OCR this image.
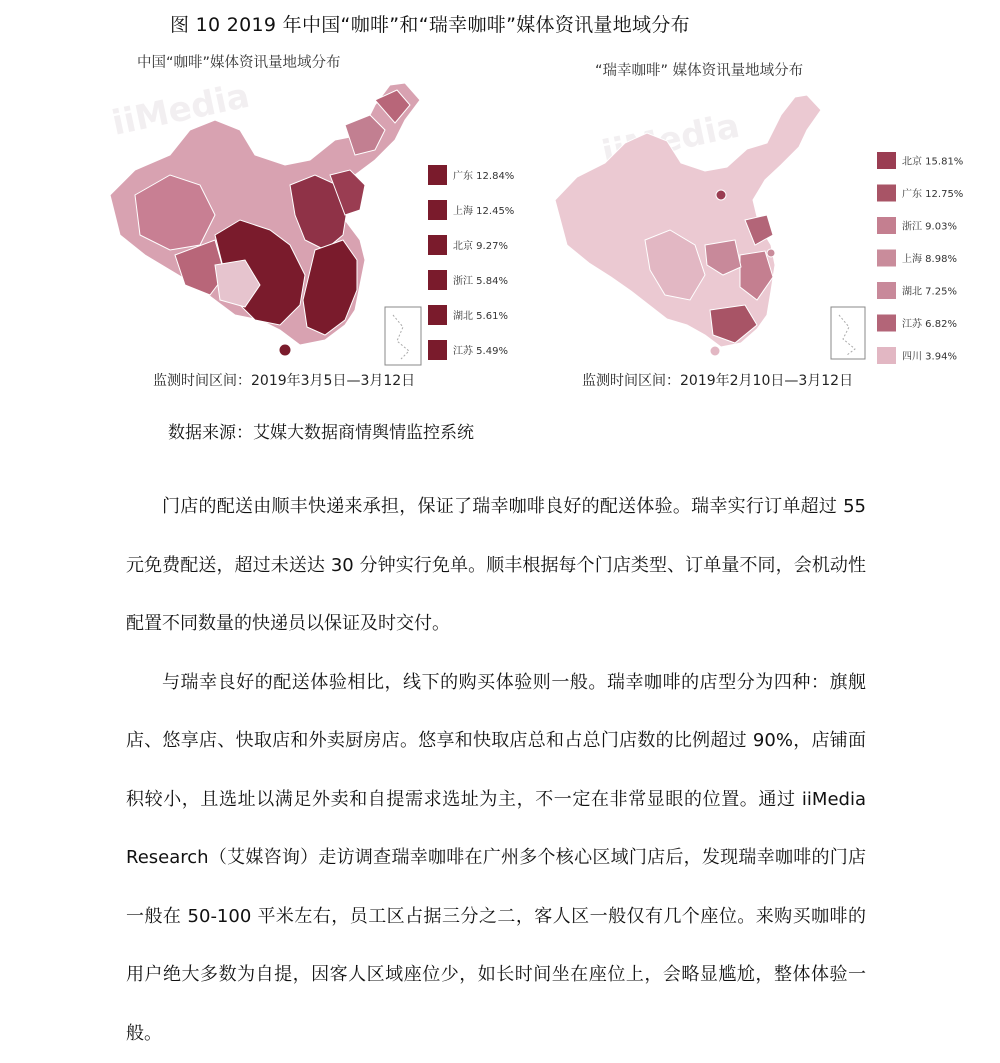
图 10 2019 年中国“咖啡”和“瑞幸咖啡”媒体资讯量地域分布
iiMedia
中国“咖啡”媒体资讯量地域分布
广东 12.84%
上海 12.45%
北京 9.27%
浙江 5.84%
湖北 5.61%
江苏 5.49%
监测时间区间：2019年3月5日—3月12日
iiMedia
“瑞幸咖啡” 媒体资讯量地域分布
北京 15.81%
广东 12.75%
浙江 9.03%
上海 8.98%
湖北 7.25%
江苏 6.82%
四川 3.94%
监测时间区间：2019年2月10日—3月12日
数据来源：艾媒大数据商情舆情监控系统

门店的配送由顺丰快递来承担，保证了瑞幸咖啡良好的配送体验。瑞幸实行订单超过 55 元免费配送，超过未送达 30 分钟实行免单。顺丰根据每个门店类型、订单量不同，会机动性配置不同数量的快递员以保证及时交付。

与瑞幸良好的配送体验相比，线下的购买体验则一般。瑞幸咖啡的店型分为四种：旗舰店、悠享店、快取店和外卖厨房店。悠享和快取店总和占总门店数的比例超过 90%，店铺面积较小，且选址以满足外卖和自提需求选址为主，不一定在非常显眼的位置。通过 iiMedia Research（艾媒咨询）走访调查瑞幸咖啡在广州多个核心区域门店后，发现瑞幸咖啡的门店一般在 50-100 平米左右，员工区占据三分之二，客人区一般仅有几个座位。来购买咖啡的用户绝大多数为自提，因客人区域座位少，如长时间坐在座位上，会略显尴尬，整体体验一般。
